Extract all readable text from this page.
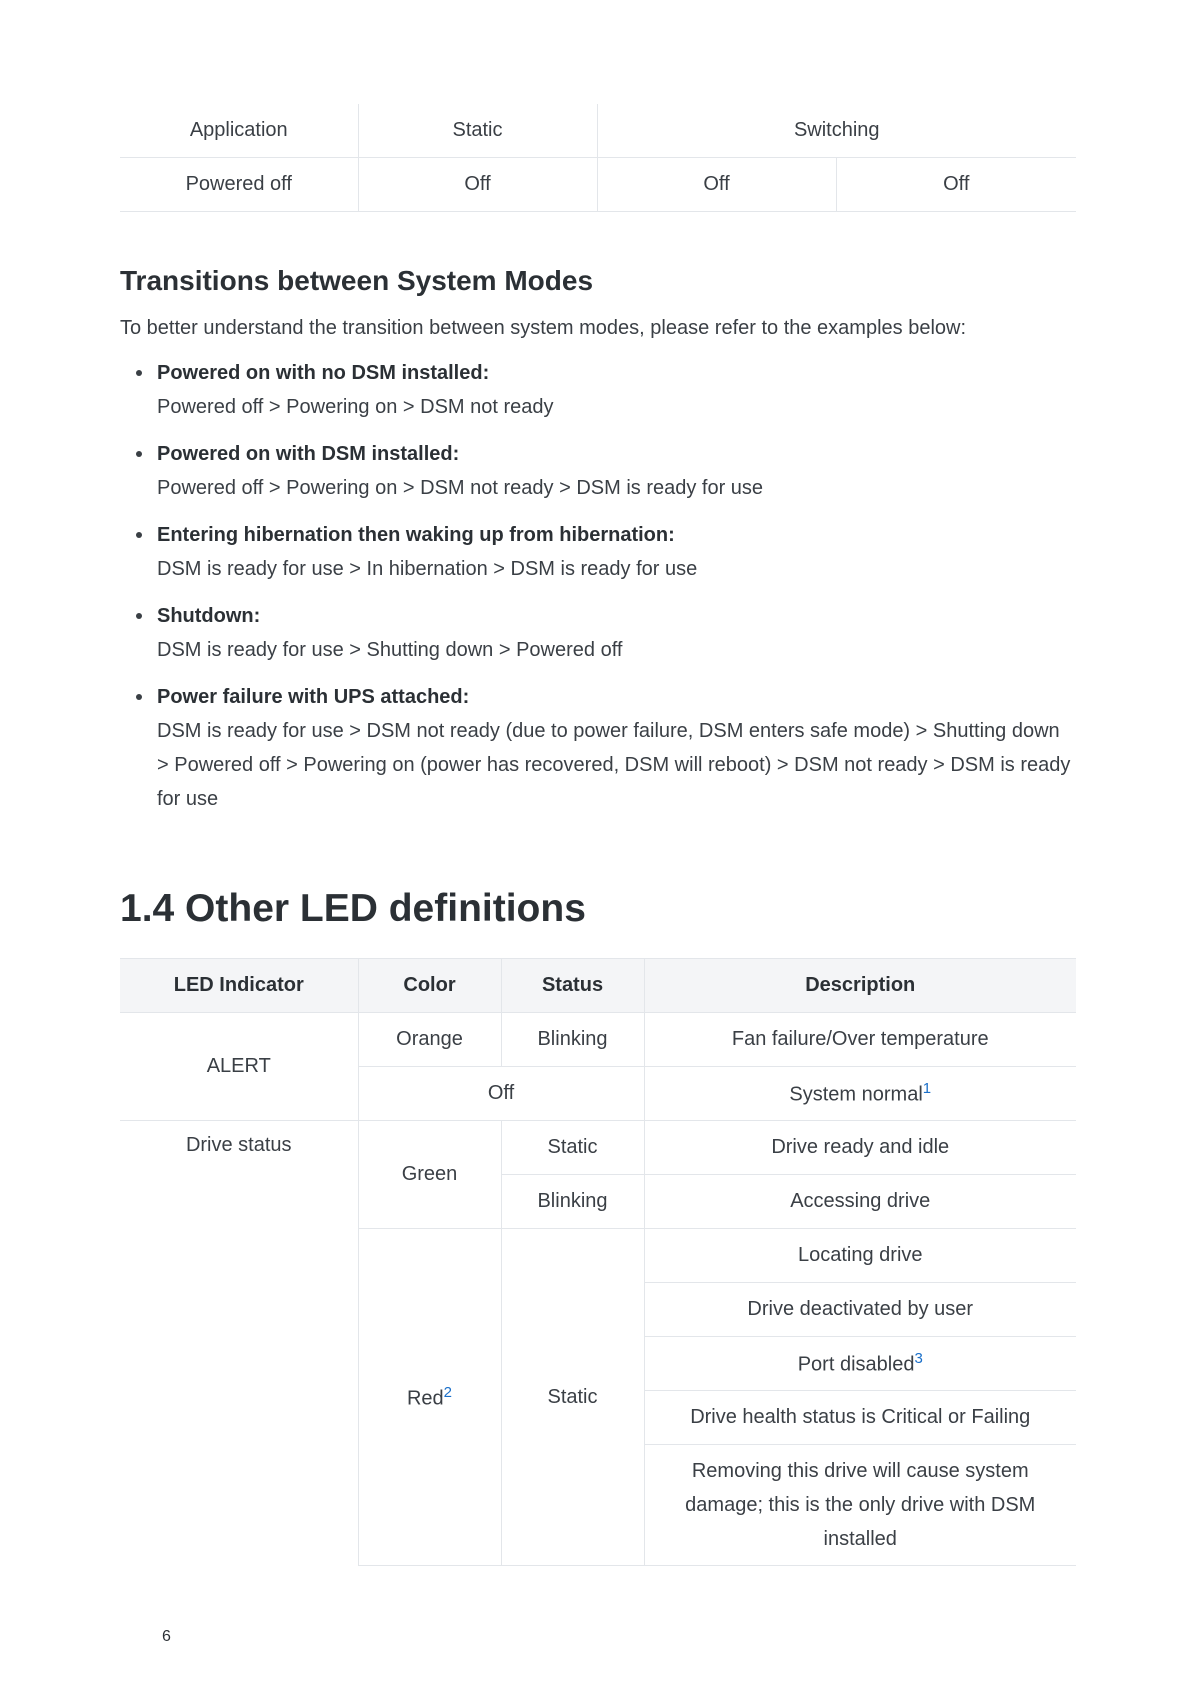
Application	Static	Switching	
Powered off	Off	Off	Off
Transitions between System Modes

To better understand the transition between system modes, please refer to the examples below:

Powered on with no DSM installed:
Powered off > Powering on > DSM not ready
Powered on with DSM installed:
Powered off > Powering on > DSM not ready > DSM is ready for use
Entering hibernation then waking up from hibernation:
DSM is ready for use > In hibernation > DSM is ready for use
Shutdown:
DSM is ready for use > Shutting down > Powered off
Power failure with UPS attached:
DSM is ready for use > DSM not ready (due to power failure, DSM enters safe mode) > Shutting down > Powered off > Powering on (power has recovered, DSM will reboot) > DSM not ready > DSM is ready for use
1.4 Other LED definitions
LED Indicator	Color	Status	Description
ALERT	Orange	Blinking	Fan failure/Over temperature
	Off		System normal$^1$
Drive status	Green	Static	Drive ready and idle
		Blinking	Accessing drive
	Red$^2$	Static	Locating drive
			Drive deactivated by user
			Port disabled$^3$
			Drive health status is Critical or Failing
			Removing this drive will cause system damage; this is the only drive with DSM installed
6
